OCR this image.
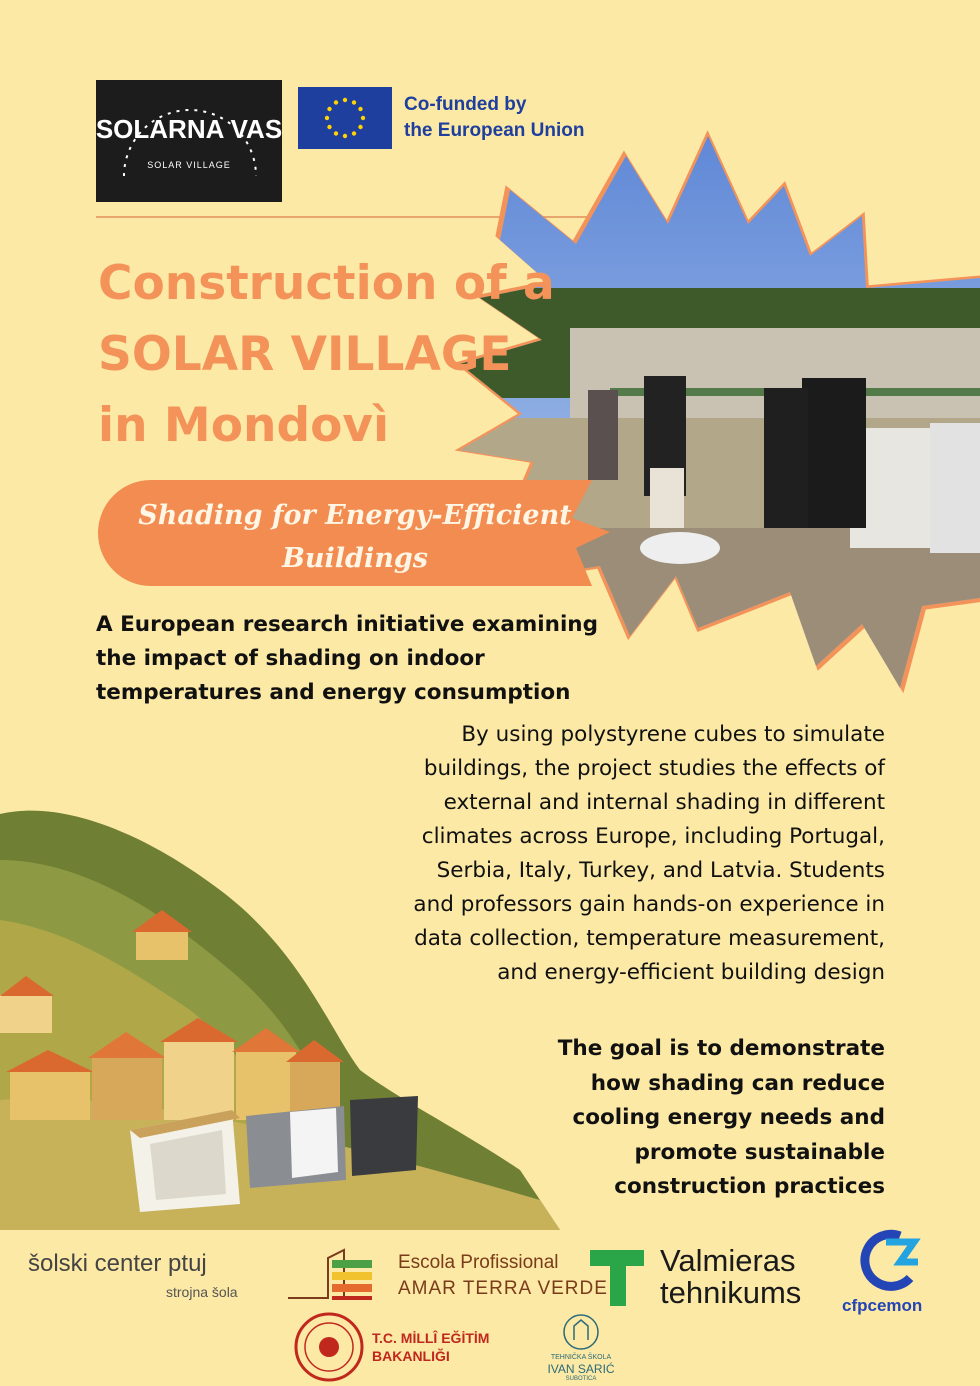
SOLARNA VAS
SOLAR VILLAGE
Co-funded by
the European Union
Construction of a
SOLAR VILLAGE
in Mondovì
Shading for Energy-Efficient
Buildings
A European research initiative examining the impact of shading on indoor temperatures and energy consumption
By using polystyrene cubes to simulate buildings, the project studies the effects of external and internal shading in different climates across Europe, including Portugal, Serbia, Italy, Turkey, and Latvia. Students and professors gain hands-on experience in data collection, temperature measurement, and energy-efficient building design
The goal is to demonstrate how shading can reduce cooling energy needs and promote sustainable construction practices
šolski center ptuj
strojna šola
Escola Profissional
AMAR TERRA VERDE
Valmieras
tehnikums cfpcemon
T.C. MİLLÎ EĞİTİM
BAKANLIĞI	TEHNIČKA ŠKOLA
IVAN SARIĆ
SUBOTICA
